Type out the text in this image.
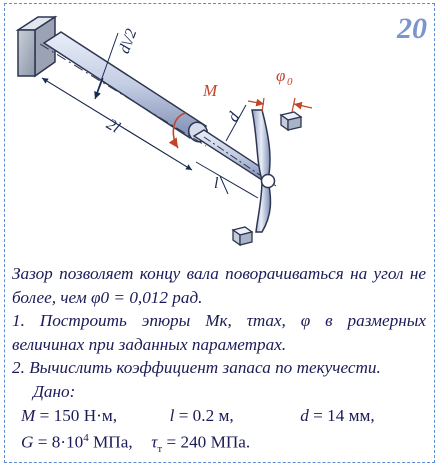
20
d\/2
2l
l
d
M
φ 0

Зазор позволяет концу вала поворачиваться на угол не более, чем φ0 = 0,012 рад.

1. Построить эпюры Mк, τmax, φ в размерных величинах при заданных параметрах.

2. Вычислить коэффициент запаса по текучести.

Дано:

M = 150 Н·м,	l = 0.2 м,	d = 14 мм,
$G = 8\cdot 10^4$ МПа, $\tau_т = 240$ МПа.
